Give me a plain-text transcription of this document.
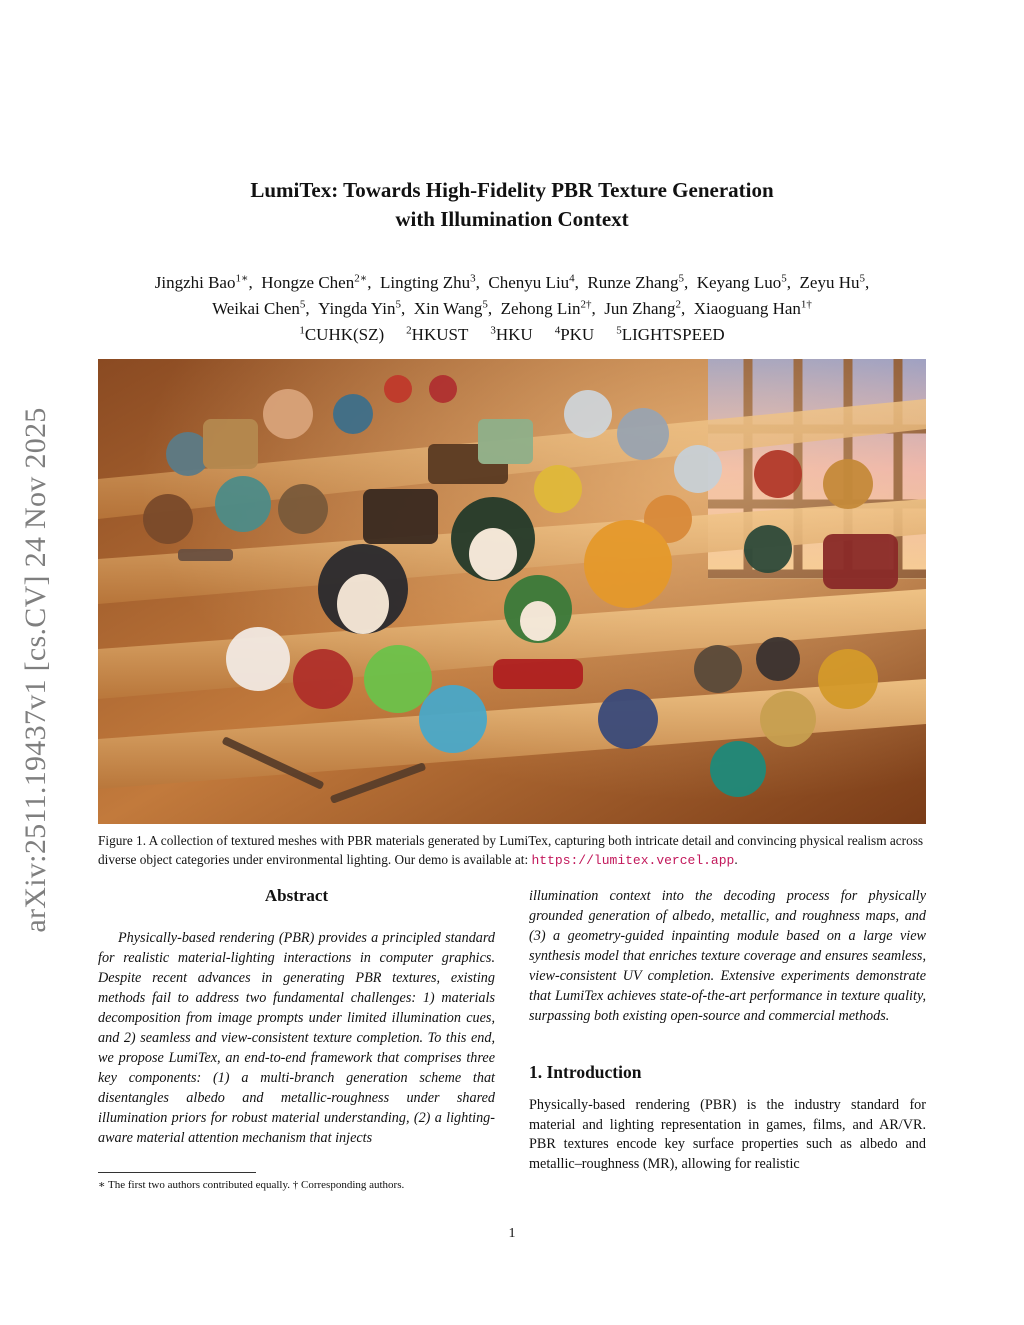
arXiv:2511.19437v1 [cs.CV] 24 Nov 2025
LumiTex: Towards High-Fidelity PBR Texture Generation
with Illumination Context
Jingzhi Bao$^{1∗}$,  Hongze Chen$^{2∗}$,  Lingting Zhu$^3$,  Chenyu Liu$^4$,  Runze Zhang$^5$,  Keyang Luo$^5$,  Zeyu Hu$^5$,
Weikai Chen$^5$,  Yingda Yin$^5$,  Xin Wang$^5$,  Zehong Lin$^{2\dagger}$,  Jun Zhang$^2$,  Xiaoguang Han$^{1\dagger}$
$^1$CUHK(SZ) $^2$HKUST $^3$HKU $^4$PKU $^5$LIGHTSPEED
Figure 1. A collection of textured meshes with PBR materials generated by LumiTex, capturing both intricate detail and convincing physical realism across diverse object categories under environmental lighting. Our demo is available at: https://lumitex.vercel.app.
Abstract

Physically-based rendering (PBR) provides a principled standard for realistic material-lighting interactions in computer graphics. Despite recent advances in generating PBR textures, existing methods fail to address two fundamental challenges: 1) materials decomposition from image prompts under limited illumination cues, and 2) seamless and view-consistent texture completion. To this end, we propose LumiTex, an end-to-end framework that comprises three key components: (1) a multi-branch generation scheme that disentangles albedo and metallic-roughness under shared illumination priors for robust material understanding, (2) a lighting-aware material attention mechanism that injects

∗ The first two authors contributed equally. † Corresponding authors.

illumination context into the decoding process for physically grounded generation of albedo, metallic, and roughness maps, and (3) a geometry-guided inpainting module based on a large view synthesis model that enriches texture coverage and ensures seamless, view-consistent UV completion. Extensive experiments demonstrate that LumiTex achieves state-of-the-art performance in texture quality, surpassing both existing open-source and commercial methods.

1. Introduction

Physically-based rendering (PBR) is the industry standard for material and lighting representation in games, films, and AR/VR. PBR textures encode key surface properties such as albedo and metallic–roughness (MR), allowing for realistic

1
